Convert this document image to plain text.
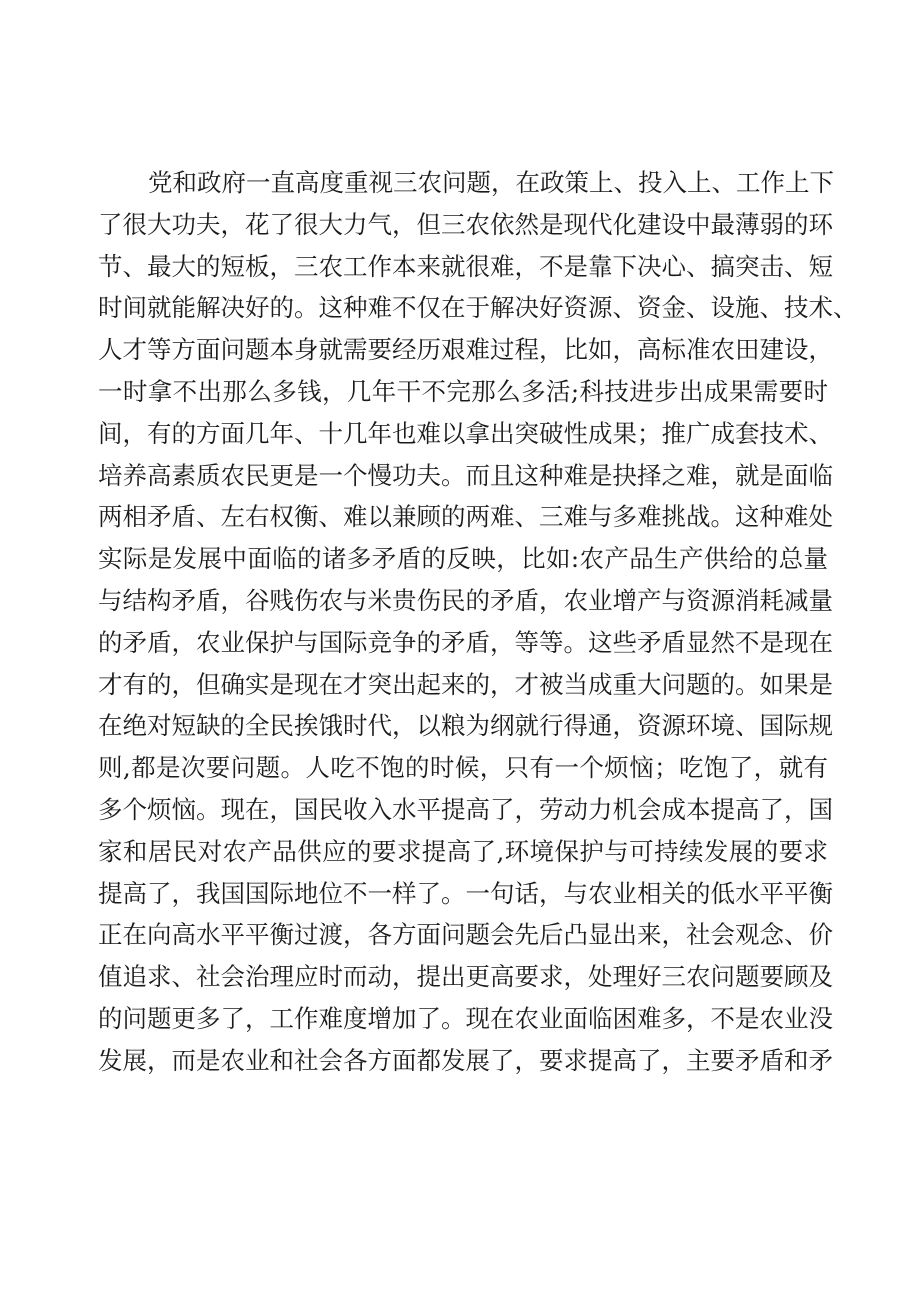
党和政府一直高度重视三农问题，在政策上、投入上、工作上下
了很大功夫，花了很大力气，但三农依然是现代化建设中最薄弱的环
节、最大的短板，三农工作本来就很难，不是靠下决心、搞突击、短
时间就能解决好的。这种难不仅在于解决好资源、资金、设施、技术、
人才等方面问题本身就需要经历艰难过程，比如，高标准农田建设，
一时拿不出那么多钱，几年干不完那么多活;科技进步出成果需要时
间，有的方面几年、十几年也难以拿出突破性成果；推广成套技术、
培养高素质农民更是一个慢功夫。而且这种难是抉择之难，就是面临
两相矛盾、左右权衡、难以兼顾的两难、三难与多难挑战。这种难处
实际是发展中面临的诸多矛盾的反映，比如:农产品生产供给的总量
与结构矛盾，谷贱伤农与米贵伤民的矛盾，农业增产与资源消耗减量
的矛盾，农业保护与国际竞争的矛盾，等等。这些矛盾显然不是现在
才有的，但确实是现在才突出起来的，才被当成重大问题的。如果是
在绝对短缺的全民挨饿时代，以粮为纲就行得通，资源环境、国际规
则,都是次要问题。人吃不饱的时候，只有一个烦恼；吃饱了，就有
多个烦恼。现在，国民收入水平提高了，劳动力机会成本提高了，国
家和居民对农产品供应的要求提高了,环境保护与可持续发展的要求
提高了，我国国际地位不一样了。一句话，与农业相关的低水平平衡
正在向高水平平衡过渡，各方面问题会先后凸显出来，社会观念、价
值追求、社会治理应时而动，提出更高要求，处理好三农问题要顾及
的问题更多了，工作难度增加了。现在农业面临困难多，不是农业没
发展，而是农业和社会各方面都发展了，要求提高了，主要矛盾和矛
